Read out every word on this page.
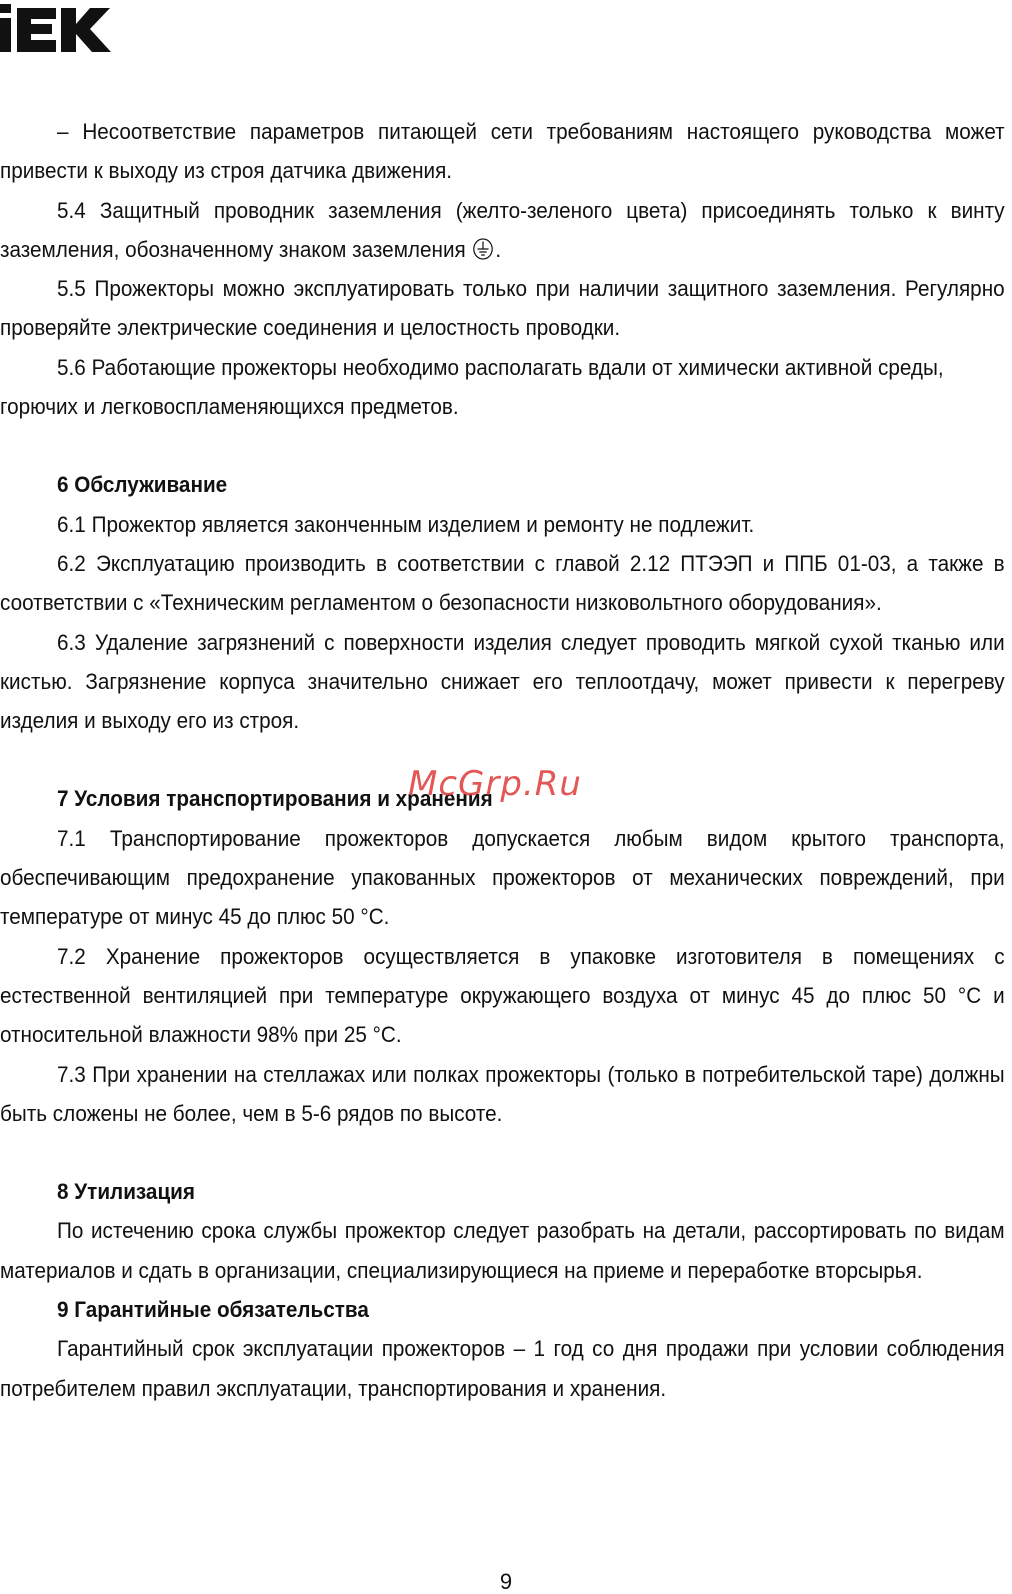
– Несоответствие параметров питающей сети требованиям настоящего руководства может привести к выходу из строя датчика движения.

5.4 Защитный проводник заземления (желто-зеленого цвета) присоединять только к винту заземления, обозначенному знаком заземления .

5.5 Прожекторы можно эксплуатировать только при наличии защитного заземления. Регулярно проверяйте электрические соединения и целостность проводки.

5.6 Работающие прожекторы необходимо располагать вдали от химически активной среды, горючих и легковоспламеняющихся предметов.

6 Обслуживание

6.1 Прожектор является законченным изделием и ремонту не подлежит.

6.2 Эксплуатацию производить в соответствии с главой 2.12 ПТЭЭП и ППБ 01-03, а также в соответствии с «Техническим регламентом о безопасности низковольтного оборудования».

6.3 Удаление загрязнений с поверхности изделия следует проводить мягкой сухой тканью или кистью. Загрязнение корпуса значительно снижает его теплоотдачу, может привести к перегреву изделия и выходу его из строя.

7 Условия транспортирования и хранения

7.1 Транспортирование прожекторов допускается любым видом крытого транспорта, обеспечивающим предохранение упакованных прожекторов от механических повреждений, при температуре от минус 45 до плюс 50 °С.

7.2 Хранение прожекторов осуществляется в упаковке изготовителя в помещениях с естественной вентиляцией при температуре окружающего воздуха от минус 45 до плюс 50 °С и относительной влажности 98% при 25 °С.

7.3 При хранении на стеллажах или полках прожекторы (только в потребительской таре) должны быть сложены не более, чем в 5-6 рядов по высоте.

8 Утилизация

По истечению срока службы прожектор следует разобрать на детали, рассортировать по видам материалов и сдать в организации, специализирующиеся на приеме и переработке вторсырья.

9 Гарантийные обязательства

Гарантийный срок эксплуатации прожекторов – 1 год со дня продажи при условии соблюдения потребителем правил эксплуатации, транспортирования и хранения.

McGrp.Ru
9
